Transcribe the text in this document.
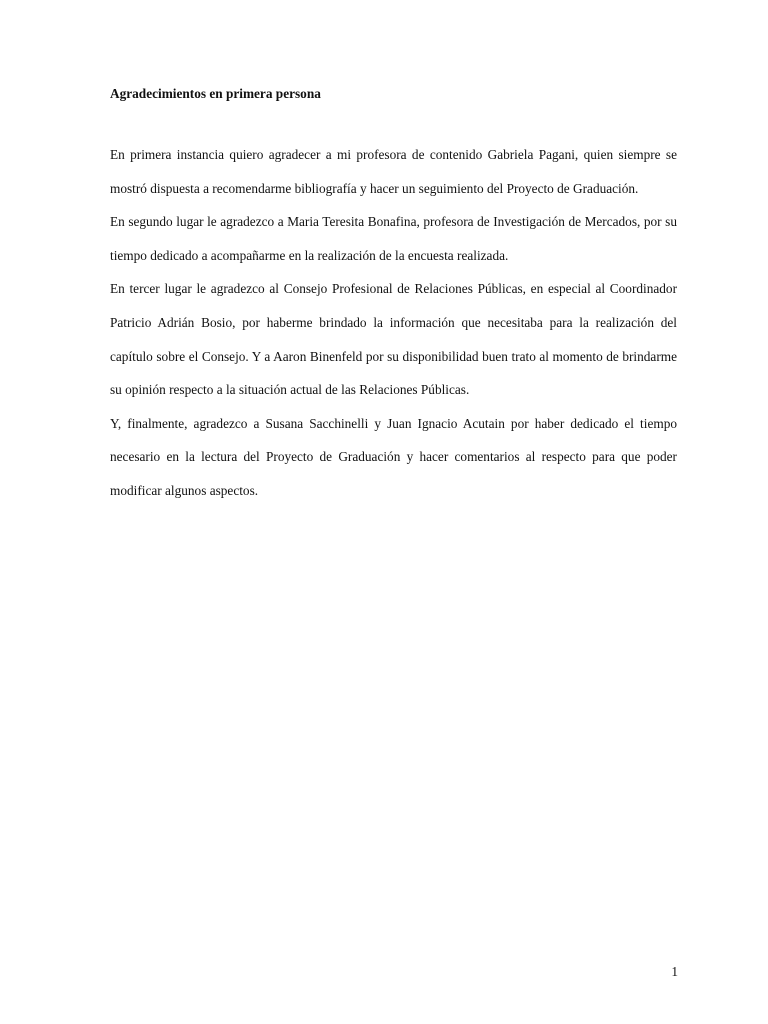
Agradecimientos en primera persona

En primera instancia quiero agradecer a mi profesora de contenido Gabriela Pagani, quien siempre se mostró dispuesta a recomendarme bibliografía y hacer un seguimiento del Proyecto de Graduación.

En segundo lugar le agradezco a Maria Teresita Bonafina, profesora de Investigación de Mercados, por su tiempo dedicado a acompañarme en la realización de la encuesta realizada.

En tercer lugar le agradezco al Consejo Profesional de Relaciones Públicas, en especial al Coordinador Patricio Adrián Bosio, por haberme brindado la información que necesitaba para la realización del capítulo sobre el Consejo. Y a Aaron Binenfeld por su disponibilidad buen trato al momento de brindarme su opinión respecto a la situación actual de las Relaciones Públicas.

Y, finalmente, agradezco a Susana Sacchinelli y Juan Ignacio Acutain por haber dedicado el tiempo necesario en la lectura del Proyecto de Graduación y hacer comentarios al respecto para que poder modificar algunos aspectos.

1
